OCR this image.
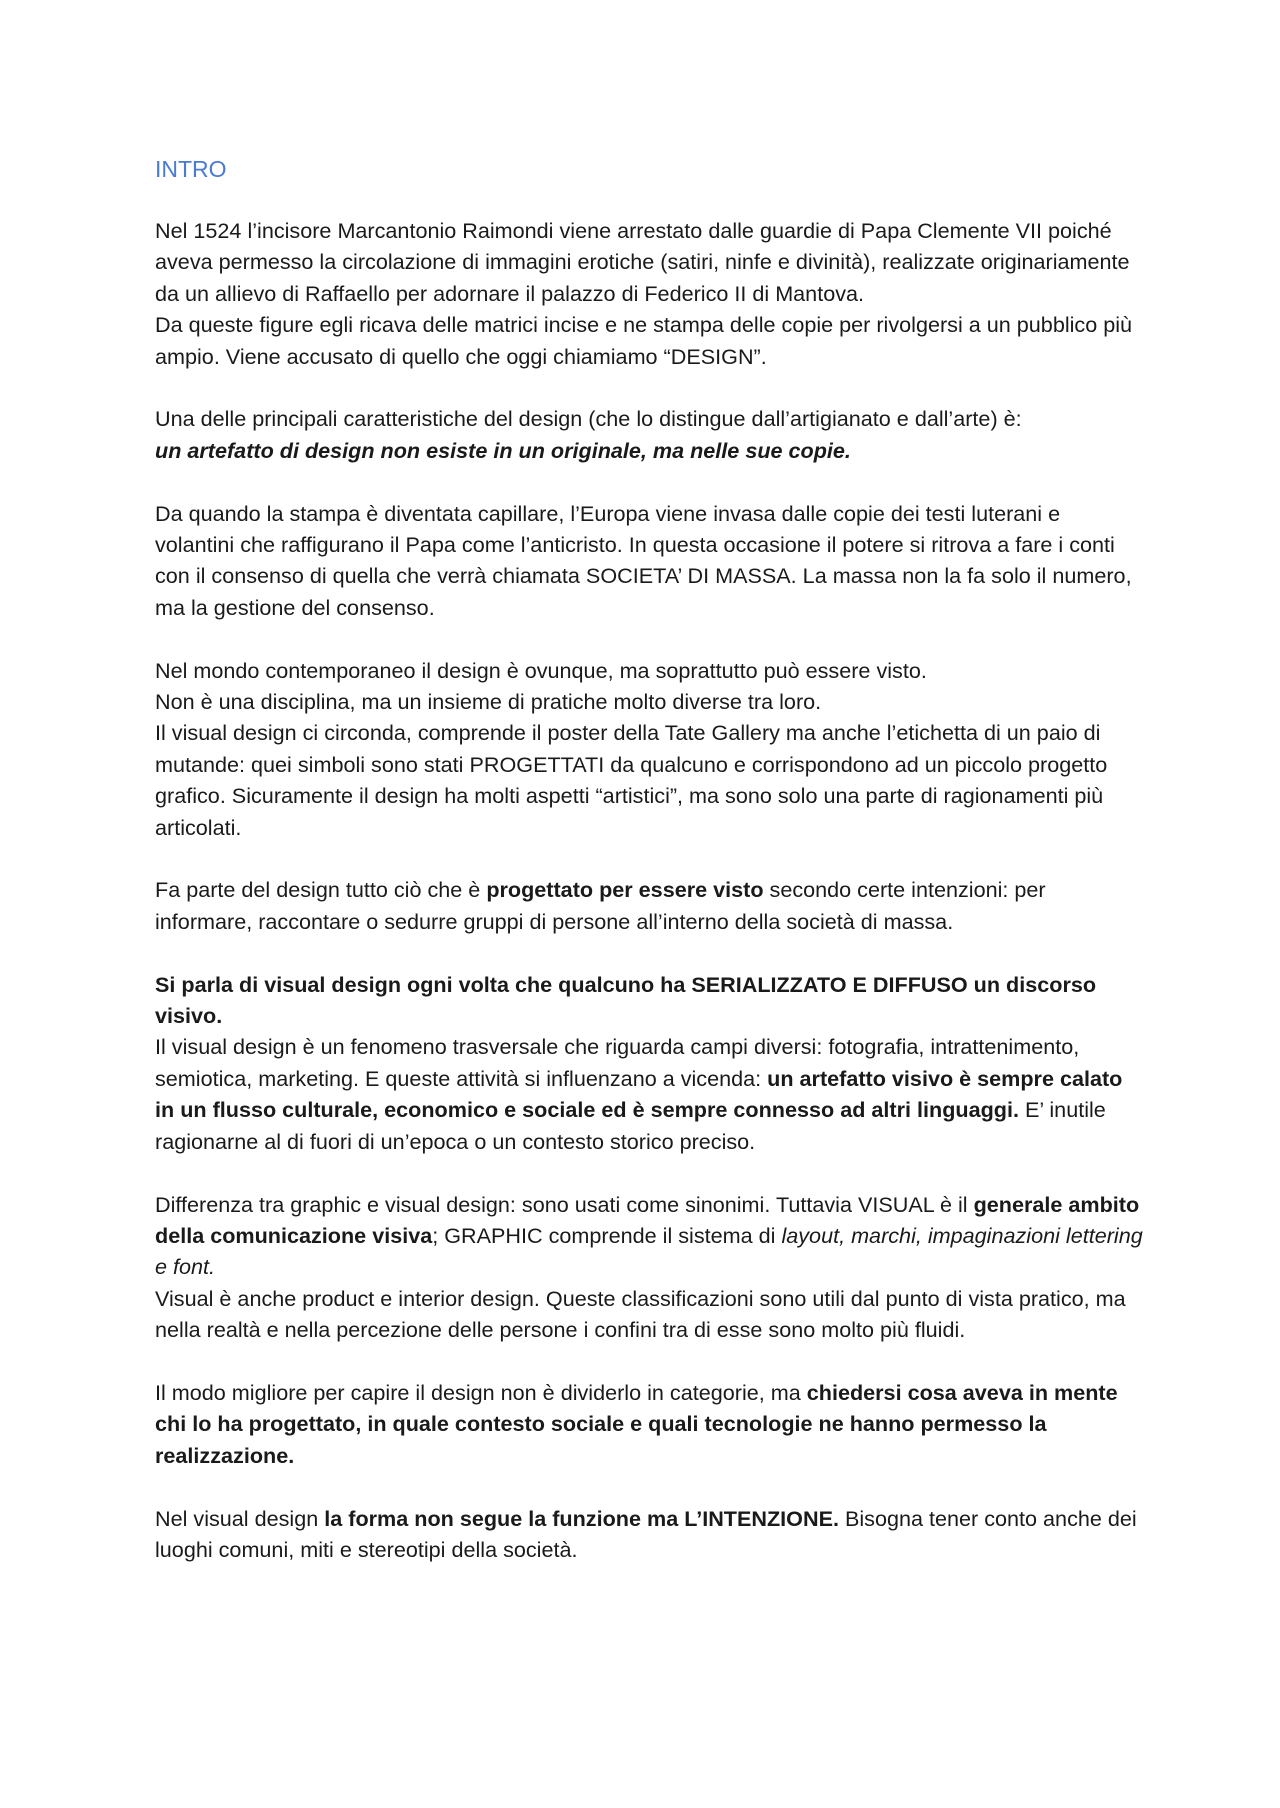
INTRO

Nel 1524 l’incisore Marcantonio Raimondi viene arrestato dalle guardie di Papa Clemente VII poiché aveva permesso la circolazione di immagini erotiche (satiri, ninfe e divinità), realizzate originariamente da un allievo di Raffaello per adornare il palazzo di Federico II di Mantova.

Da queste figure egli ricava delle matrici incise e ne stampa delle copie per rivolgersi a un pubblico più ampio. Viene accusato di quello che oggi chiamiamo “DESIGN”.

Una delle principali caratteristiche del design (che lo distingue dall’artigianato e dall’arte) è:
un artefatto di design non esiste in un originale, ma nelle sue copie.

Da quando la stampa è diventata capillare, l’Europa viene invasa dalle copie dei testi luterani e volantini che raffigurano il Papa come l’anticristo. In questa occasione il potere si ritrova a fare i conti con il consenso di quella che verrà chiamata SOCIETA’ DI MASSA. La massa non la fa solo il numero, ma la gestione del consenso.

Nel mondo contemporaneo il design è ovunque, ma soprattutto può essere visto.

Non è una disciplina, ma un insieme di pratiche molto diverse tra loro.

Il visual design ci circonda, comprende il poster della Tate Gallery ma anche l’etichetta di un paio di mutande: quei simboli sono stati PROGETTATI da qualcuno e corrispondono ad un piccolo progetto grafico. Sicuramente il design ha molti aspetti “artistici”, ma sono solo una parte di ragionamenti più articolati.

Fa parte del design tutto ciò che è progettato per essere visto secondo certe intenzioni: per informare, raccontare o sedurre gruppi di persone all’interno della società di massa.

Si parla di visual design ogni volta che qualcuno ha SERIALIZZATO E DIFFUSO un discorso visivo.

Il visual design è un fenomeno trasversale che riguarda campi diversi: fotografia, intrattenimento, semiotica, marketing. E queste attività si influenzano a vicenda: un artefatto visivo è sempre calato in un flusso culturale, economico e sociale ed è sempre connesso ad altri linguaggi. E’ inutile ragionarne al di fuori di un’epoca o un contesto storico preciso.

Differenza tra graphic e visual design: sono usati come sinonimi. Tuttavia VISUAL è il generale ambito della comunicazione visiva; GRAPHIC comprende il sistema di layout, marchi, impaginazioni lettering e font.

Visual è anche product e interior design. Queste classificazioni sono utili dal punto di vista pratico, ma nella realtà e nella percezione delle persone i confini tra di esse sono molto più fluidi.

Il modo migliore per capire il design non è dividerlo in categorie, ma chiedersi cosa aveva in mente chi lo ha progettato, in quale contesto sociale e quali tecnologie ne hanno permesso la realizzazione.

Nel visual design la forma non segue la funzione ma L’INTENZIONE. Bisogna tener conto anche dei luoghi comuni, miti e stereotipi della società.
